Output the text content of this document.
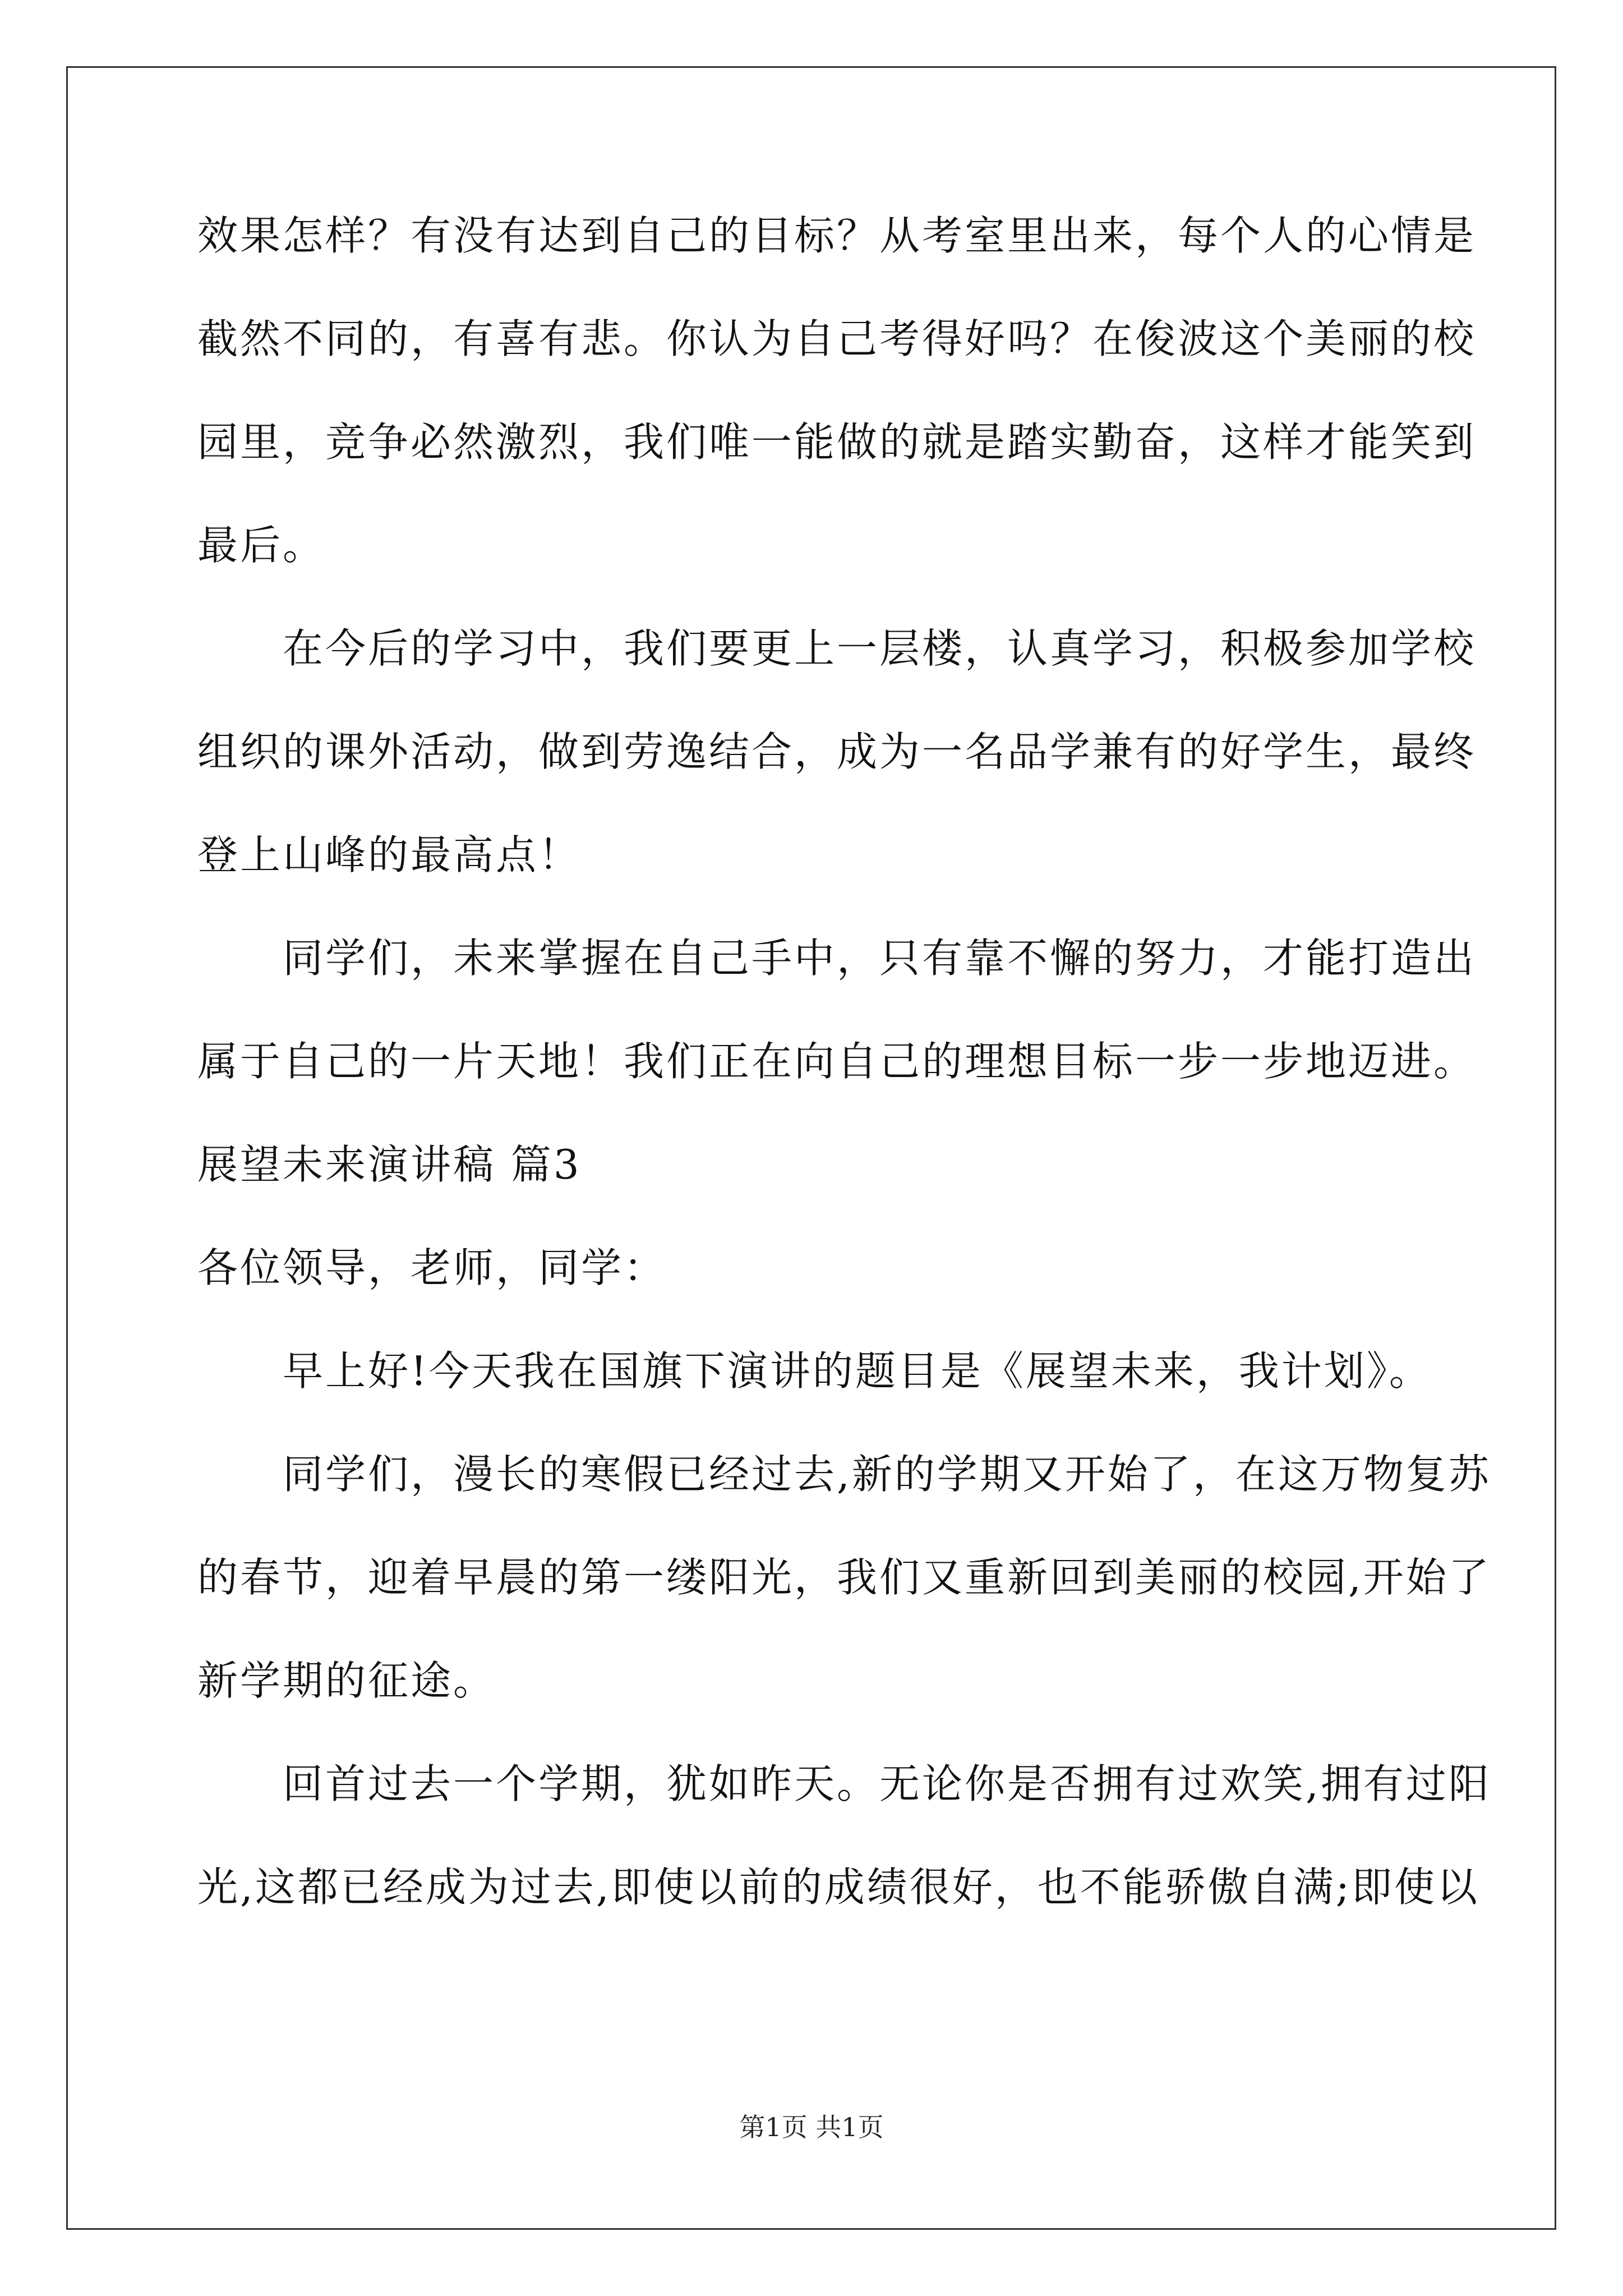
效果怎样？有没有达到自己的目标？从考室里出来，每个人的心情是
截然不同的，有喜有悲。你认为自己考得好吗？在俊波这个美丽的校
园里，竞争必然激烈，我们唯一能做的就是踏实勤奋，这样才能笑到
最后。
在今后的学习中，我们要更上一层楼，认真学习，积极参加学校
组织的课外活动，做到劳逸结合，成为一名品学兼有的好学生，最终
登上山峰的最高点！
同学们，未来掌握在自己手中，只有靠不懈的努力，才能打造出
属于自己的一片天地！我们正在向自己的理想目标一步一步地迈进。
展望未来演讲稿 篇3
各位领导，老师，同学：
早上好!今天我在国旗下演讲的题目是《展望未来，我计划》。
同学们，漫长的寒假已经过去,新的学期又开始了，在这万物复苏
的春节，迎着早晨的第一缕阳光，我们又重新回到美丽的校园,开始了
新学期的征途。
回首过去一个学期，犹如昨天。无论你是否拥有过欢笑,拥有过阳
光,这都已经成为过去,即使以前的成绩很好，也不能骄傲自满;即使以
第1页 共1页
